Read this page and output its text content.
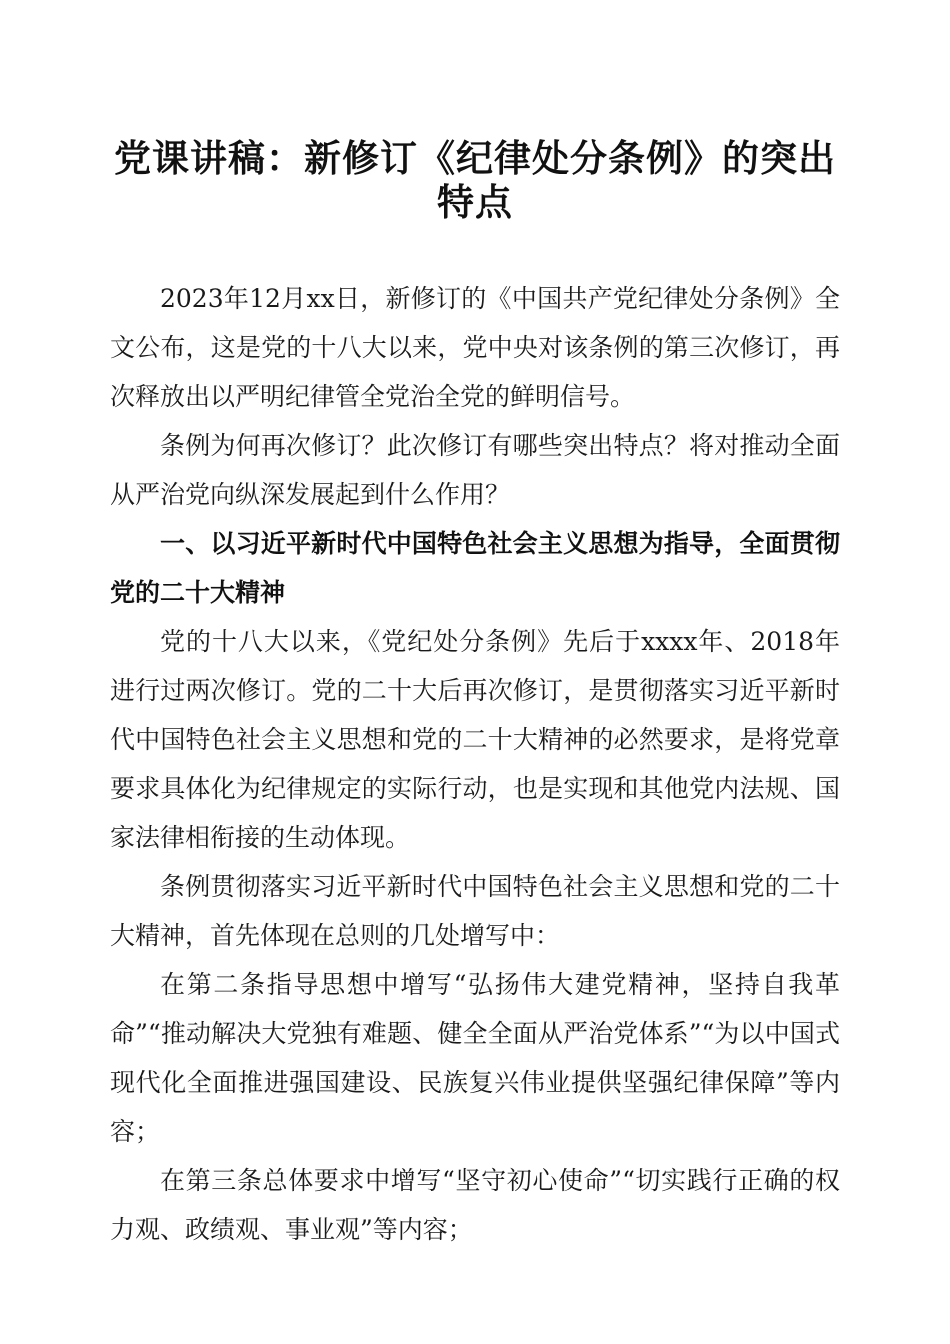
党课讲稿：新修订《纪律处分条例》的突出特点

2023年12月xx日，新修订的《中国共产党纪律处分条例》全文公布，这是党的十八大以来，党中央对该条例的第三次修订，再次释放出以严明纪律管全党治全党的鲜明信号。

条例为何再次修订？此次修订有哪些突出特点？将对推动全面从严治党向纵深发展起到什么作用？

一、以习近平新时代中国特色社会主义思想为指导，全面贯彻党的二十大精神

党的十八大以来，《党纪处分条例》先后于xxxx年、2018年进行过两次修订。党的二十大后再次修订，是贯彻落实习近平新时代中国特色社会主义思想和党的二十大精神的必然要求，是将党章要求具体化为纪律规定的实际行动，也是实现和其他党内法规、国家法律相衔接的生动体现。

条例贯彻落实习近平新时代中国特色社会主义思想和党的二十大精神，首先体现在总则的几处增写中：

在第二条指导思想中增写“弘扬伟大建党精神，坚持自我革命”“推动解决大党独有难题、健全全面从严治党体系”“为以中国式现代化全面推进强国建设、民族复兴伟业提供坚强纪律保障”等内容；

在第三条总体要求中增写“坚守初心使命”“切实践行正确的权力观、政绩观、事业观”等内容；
